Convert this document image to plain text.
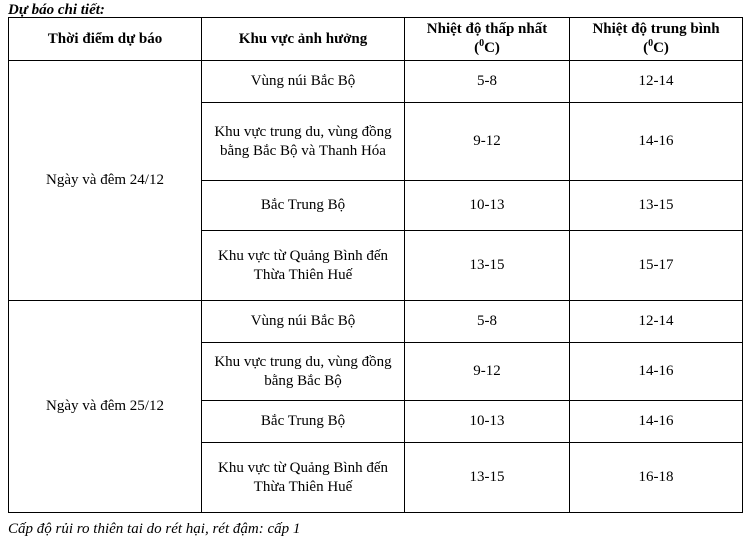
Dự báo chi tiết:
Thời điểm dự báo	Khu vực ảnh hưởng	Nhiệt độ thấp nhất ($^0$C)	Nhiệt độ trung bình ($^0$C)
Ngày và đêm 24/12	Vùng núi Bắc Bộ	5-8	12-14
	Khu vực trung du, vùng đồng bằng Bắc Bộ và Thanh Hóa	9-12	14-16
	Bắc Trung Bộ	10-13	13-15
	Khu vực từ Quảng Bình đến Thừa Thiên Huế	13-15	15-17
Ngày và đêm 25/12	Vùng núi Bắc Bộ	5-8	12-14
	Khu vực trung du, vùng đồng bằng Bắc Bộ	9-12	14-16
	Bắc Trung Bộ	10-13	14-16
	Khu vực từ Quảng Bình đến Thừa Thiên Huế	13-15	16-18
Cấp độ rủi ro thiên tai do rét hại, rét đậm: cấp 1
